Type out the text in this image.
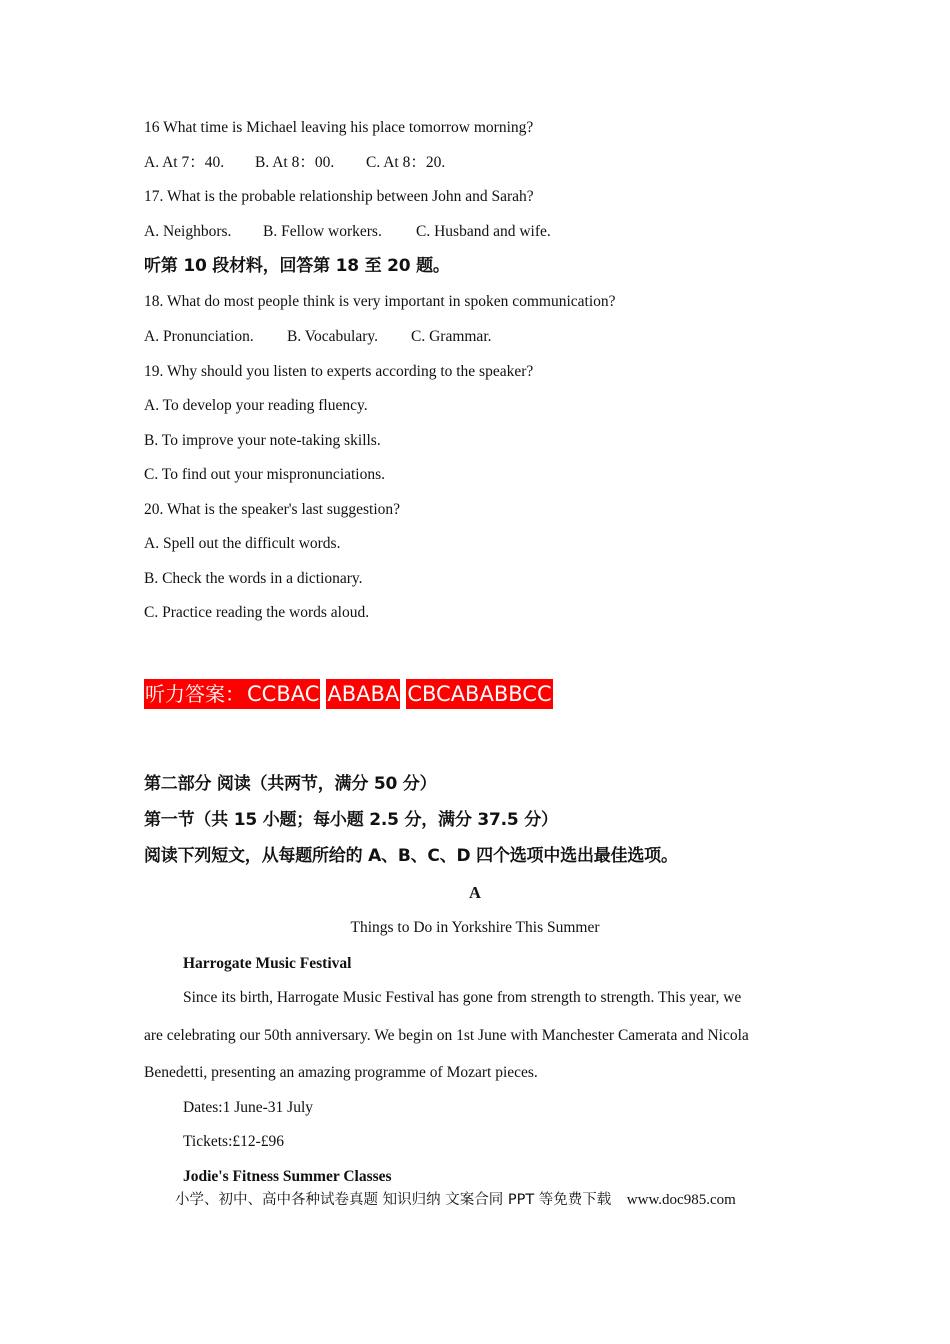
16 What time is Michael leaving his place tomorrow morning?

A. At 7：40. B. At 8：00. C. At 8：20.

17. What is the probable relationship between John and Sarah?

A. Neighbors. B. Fellow workers. C. Husband and wife.

听第 10 段材料，回答第 18 至 20 题。

18. What do most people think is very important in spoken communication?

A. Pronunciation. B. Vocabulary. C. Grammar.

19. Why should you listen to experts according to the speaker?

A. To develop your reading fluency.

B. To improve your note-taking skills.

C. To find out your mispronunciations.

20. What is the speaker's last suggestion?

A. Spell out the difficult words.

B. Check the words in a dictionary.

C. Practice reading the words aloud.

听力答案： CCBAC ABABA CBCABABBCC

第二部分 阅读（共两节，满分 50 分）

第一节（共 15 小题；每小题 2.5 分，满分 37.5 分）

阅读下列短文，从每题所给的 A、B、C、D 四个选项中选出最佳选项。

A

Things to Do in Yorkshire This Summer

Harrogate Music Festival

Since its birth, Harrogate Music Festival has gone from strength to strength. This year, we

are celebrating our 50th anniversary. We begin on 1st June with Manchester Camerata and Nicola

Benedetti, presenting an amazing programme of Mozart pieces.

Dates:1 June-31 July

Tickets:£12-£96

Jodie's Fitness Summer Classes

小学、初中、高中各种试卷真题 知识归纳 文案合同 PPT 等免费下载 www.doc985.com
